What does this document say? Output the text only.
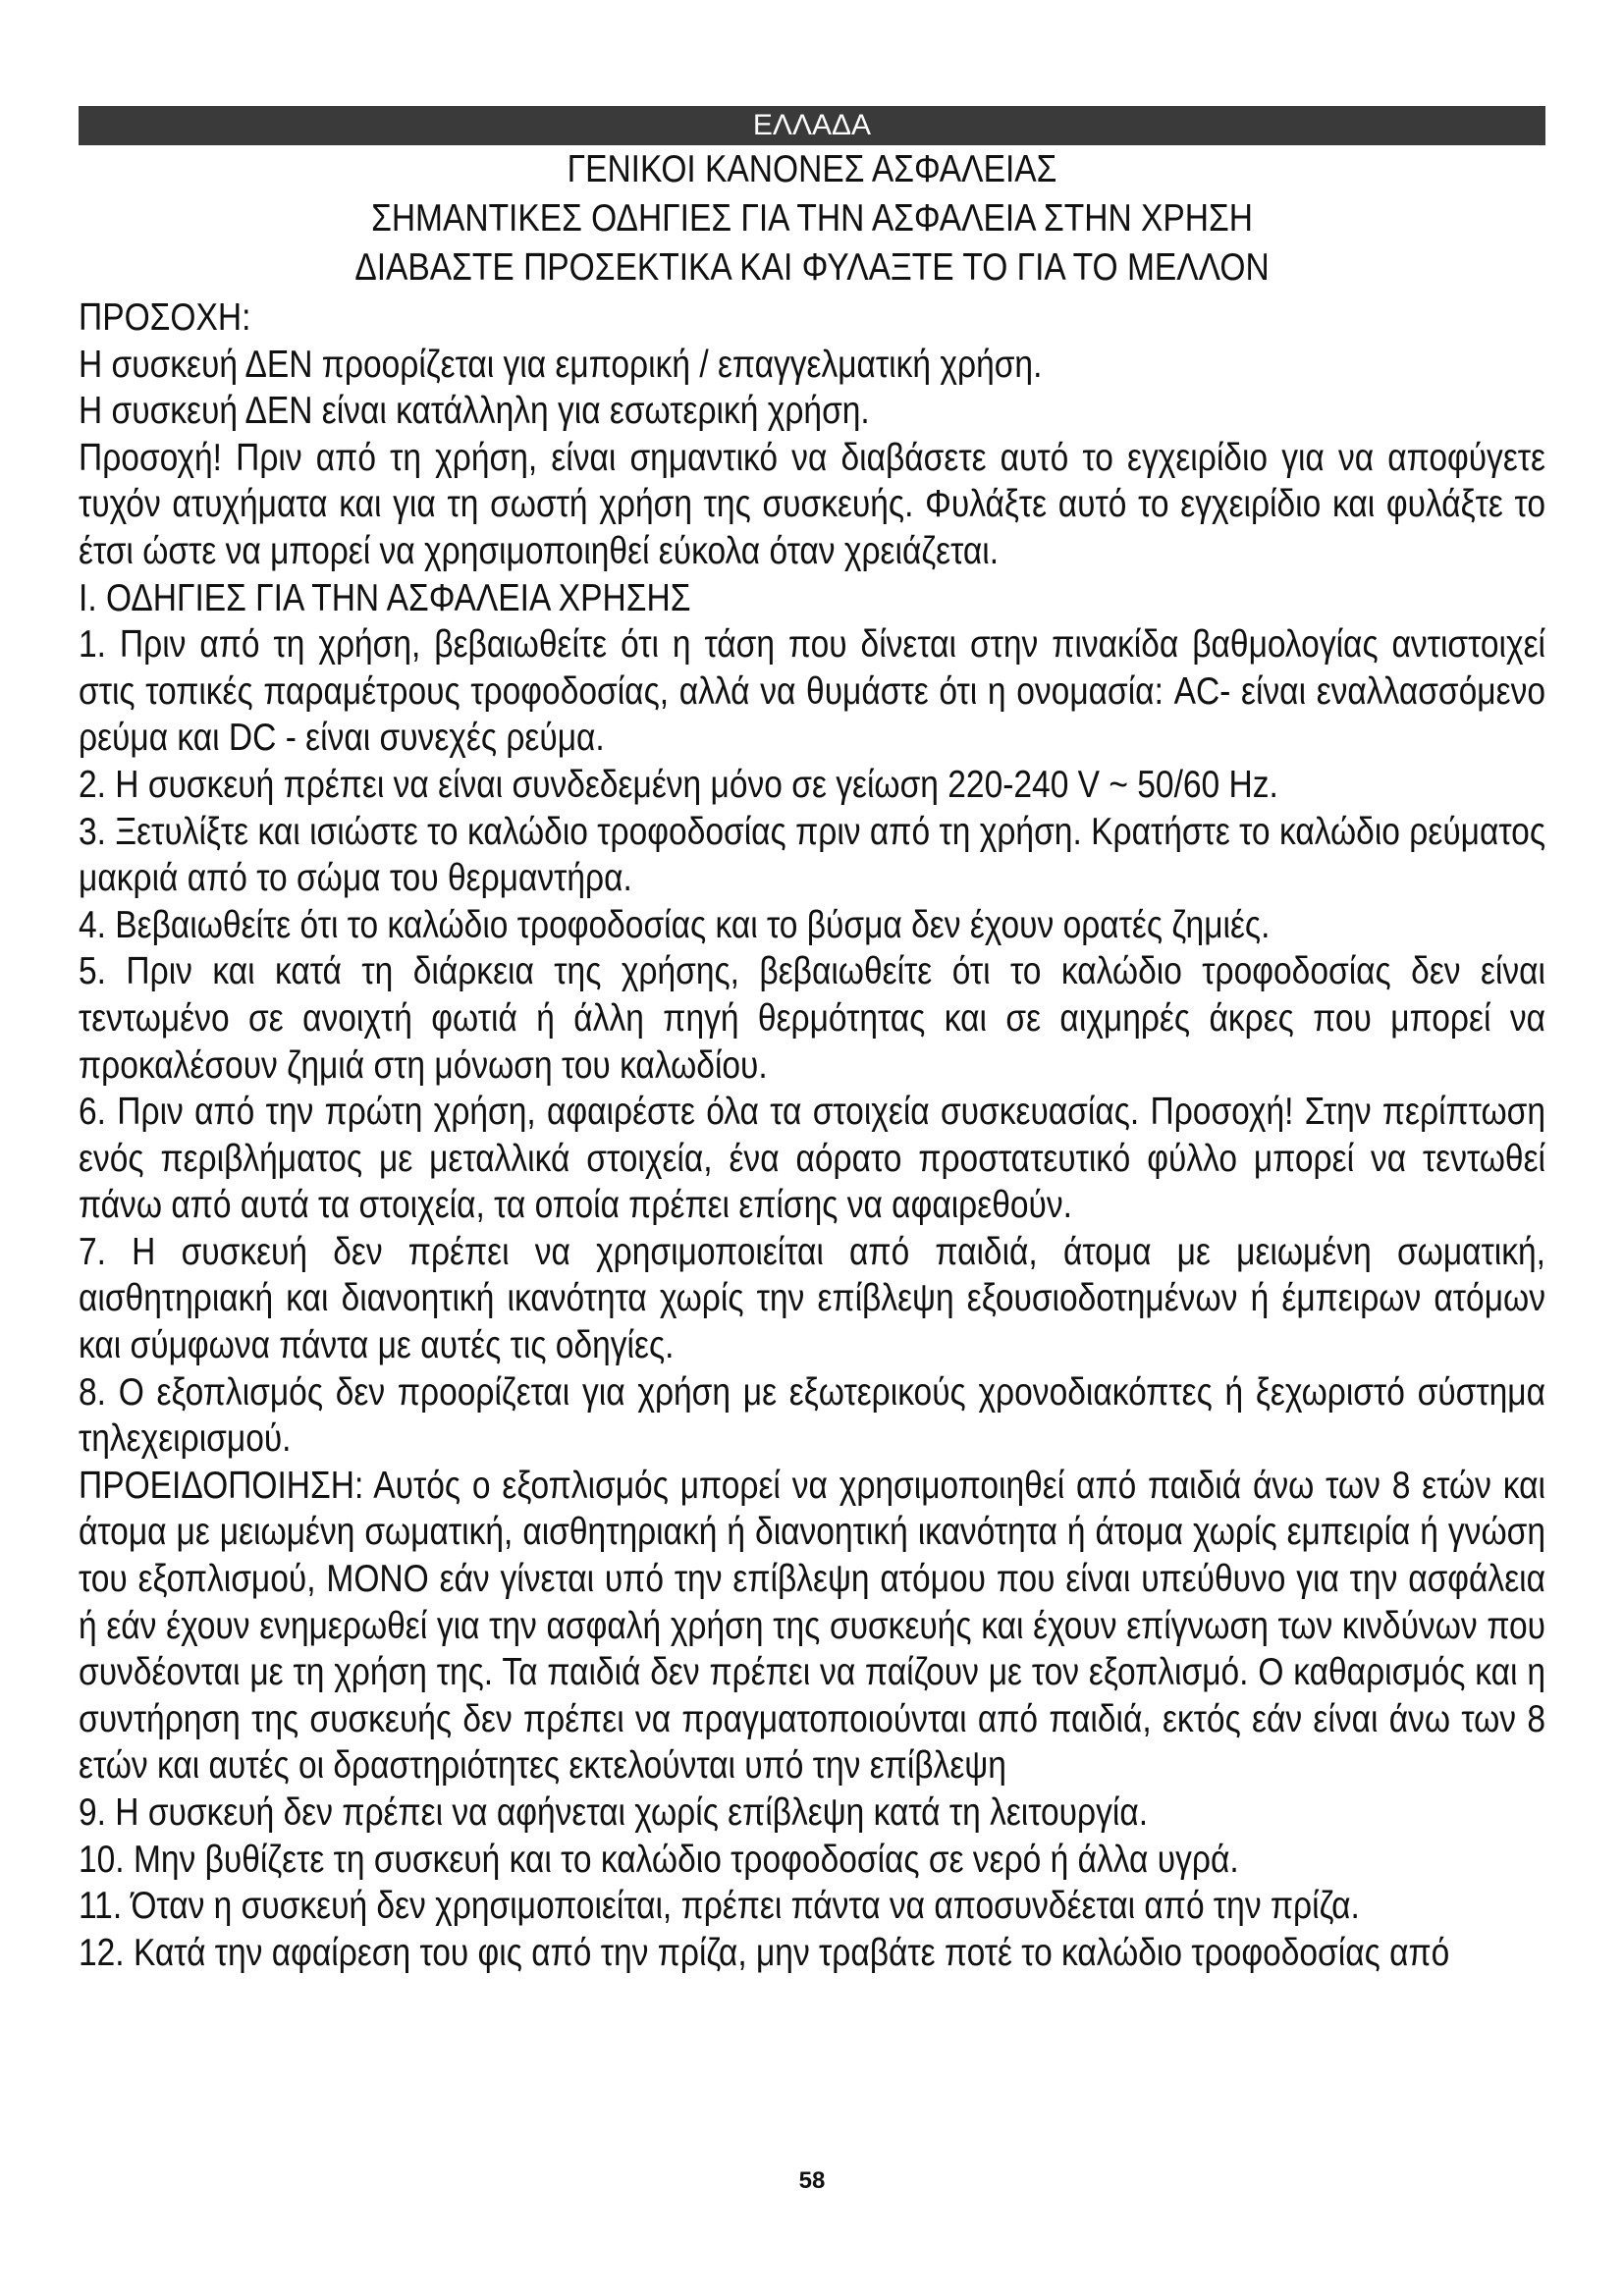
ΕΛΛΑΔΑ
ΓΕΝΙΚΟΙ ΚΑΝΟΝΕΣ ΑΣΦΑΛΕΙΑΣ
ΣΗΜΑΝΤΙΚΕΣ ΟΔΗΓΙΕΣ ΓΙΑ ΤΗΝ ΑΣΦΑΛΕΙΑ ΣΤΗΝ ΧΡΗΣΗ
ΔΙΑΒΑΣΤΕ ΠΡΟΣΕΚΤΙΚΑ ΚΑΙ ΦΥΛΑΞΤΕ ΤΟ ΓΙΑ ΤΟ ΜΕΛΛΟΝ

ΠΡΟΣΟΧΗ:

Η συσκευή ΔΕΝ προορίζεται για εμπορική / επαγγελματική χρήση.

Η συσκευή ΔΕΝ είναι κατάλληλη για εσωτερική χρήση.

Προσοχή! Πριν από τη χρήση, είναι σημαντικό να διαβάσετε αυτό το εγχειρίδιο για να αποφύγετε τυχόν ατυχήματα και για τη σωστή χρήση της συσκευής. Φυλάξτε αυτό το εγχειρίδιο και φυλάξτε το έτσι ώστε να μπορεί να χρησιμοποιηθεί εύκολα όταν χρειάζεται.

I. ΟΔΗΓΙΕΣ ΓΙΑ ΤΗΝ ΑΣΦΑΛΕΙΑ ΧΡΗΣΗΣ

1. Πριν από τη χρήση, βεβαιωθείτε ότι η τάση που δίνεται στην πινακίδα βαθμολογίας αντιστοιχεί στις τοπικές παραμέτρους τροφοδοσίας, αλλά να θυμάστε ότι η ονομασία: AC- είναι εναλλασσόμενο ρεύμα και DC - είναι συνεχές ρεύμα.

2. Η συσκευή πρέπει να είναι συνδεδεμένη μόνο σε γείωση 220-240 V ~ 50/60 Hz.

3. Ξετυλίξτε και ισιώστε το καλώδιο τροφοδοσίας πριν από τη χρήση. Κρατήστε το καλώδιο ρεύματος μακριά από το σώμα του θερμαντήρα.

4. Βεβαιωθείτε ότι το καλώδιο τροφοδοσίας και το βύσμα δεν έχουν ορατές ζημιές.

5. Πριν και κατά τη διάρκεια της χρήσης, βεβαιωθείτε ότι το καλώδιο τροφοδοσίας δεν είναι τεντωμένο σε ανοιχτή φωτιά ή άλλη πηγή θερμότητας και σε αιχμηρές άκρες που μπορεί να προκαλέσουν ζημιά στη μόνωση του καλωδίου.

6. Πριν από την πρώτη χρήση, αφαιρέστε όλα τα στοιχεία συσκευασίας. Προσοχή! Στην περίπτωση ενός περιβλήματος με μεταλλικά στοιχεία, ένα αόρατο προστατευτικό φύλλο μπορεί να τεντωθεί πάνω από αυτά τα στοιχεία, τα οποία πρέπει επίσης να αφαιρεθούν.

7. Η συσκευή δεν πρέπει να χρησιμοποιείται από παιδιά, άτομα με μειωμένη σωματική, αισθητηριακή και διανοητική ικανότητα χωρίς την επίβλεψη εξουσιοδοτημένων ή έμπειρων ατόμων και σύμφωνα πάντα με αυτές τις οδηγίες.

8. Ο εξοπλισμός δεν προορίζεται για χρήση με εξωτερικούς χρονοδιακόπτες ή ξεχωριστό σύστημα τηλεχειρισμού.

ΠΡΟΕΙΔΟΠΟΙΗΣΗ: Αυτός ο εξοπλισμός μπορεί να χρησιμοποιηθεί από παιδιά άνω των 8 ετών και άτομα με μειωμένη σωματική, αισθητηριακή ή διανοητική ικανότητα ή άτομα χωρίς εμπειρία ή γνώση του εξοπλισμού, ΜΟΝΟ εάν γίνεται υπό την επίβλεψη ατόμου που είναι υπεύθυνο για την ασφάλεια ή εάν έχουν ενημερωθεί για την ασφαλή χρήση της συσκευής και έχουν επίγνωση των κινδύνων που συνδέονται με τη χρήση της. Τα παιδιά δεν πρέπει να παίζουν με τον εξοπλισμό. Ο καθαρισμός και η συντήρηση της συσκευής δεν πρέπει να πραγματοποιούνται από παιδιά, εκτός εάν είναι άνω των 8 ετών και αυτές οι δραστηριότητες εκτελούνται υπό την επίβλεψη

9. Η συσκευή δεν πρέπει να αφήνεται χωρίς επίβλεψη κατά τη λειτουργία.

10. Μην βυθίζετε τη συσκευή και το καλώδιο τροφοδοσίας σε νερό ή άλλα υγρά.

11. Όταν η συσκευή δεν χρησιμοποιείται, πρέπει πάντα να αποσυνδέεται από την πρίζα.

12. Κατά την αφαίρεση του φις από την πρίζα, μην τραβάτε ποτέ το καλώδιο τροφοδοσίας από

58
